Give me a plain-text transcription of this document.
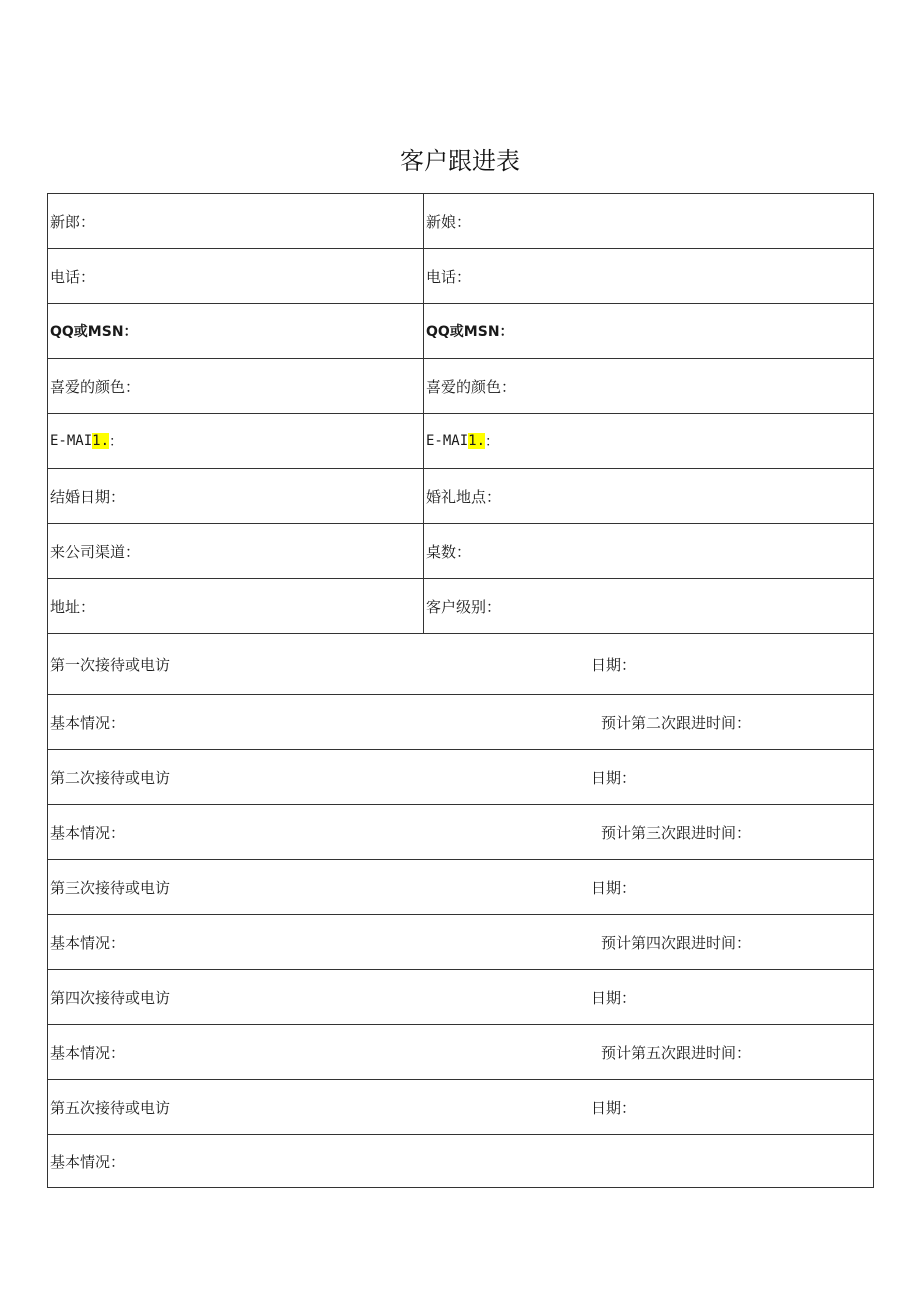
客户跟进表
新郎：	新娘：
电话：	电话：
QQ或MSN：	QQ或MSN：
喜爱的颜色：	喜爱的颜色：
E-MAI 1. ：	E-MAI 1. ：
结婚日期：	婚礼地点：
来公司渠道：	桌数：
地址：	客户级别：
第一次接待或电访	日期：
基本情况：	预计第二次跟进时间：
第二次接待或电访	日期：
基本情况：	预计第三次跟进时间：
第三次接待或电访	日期：
基本情况：	预计第四次跟进时间：
第四次接待或电访	日期：
基本情况：	预计第五次跟进时间：
第五次接待或电访	日期：
基本情况：
